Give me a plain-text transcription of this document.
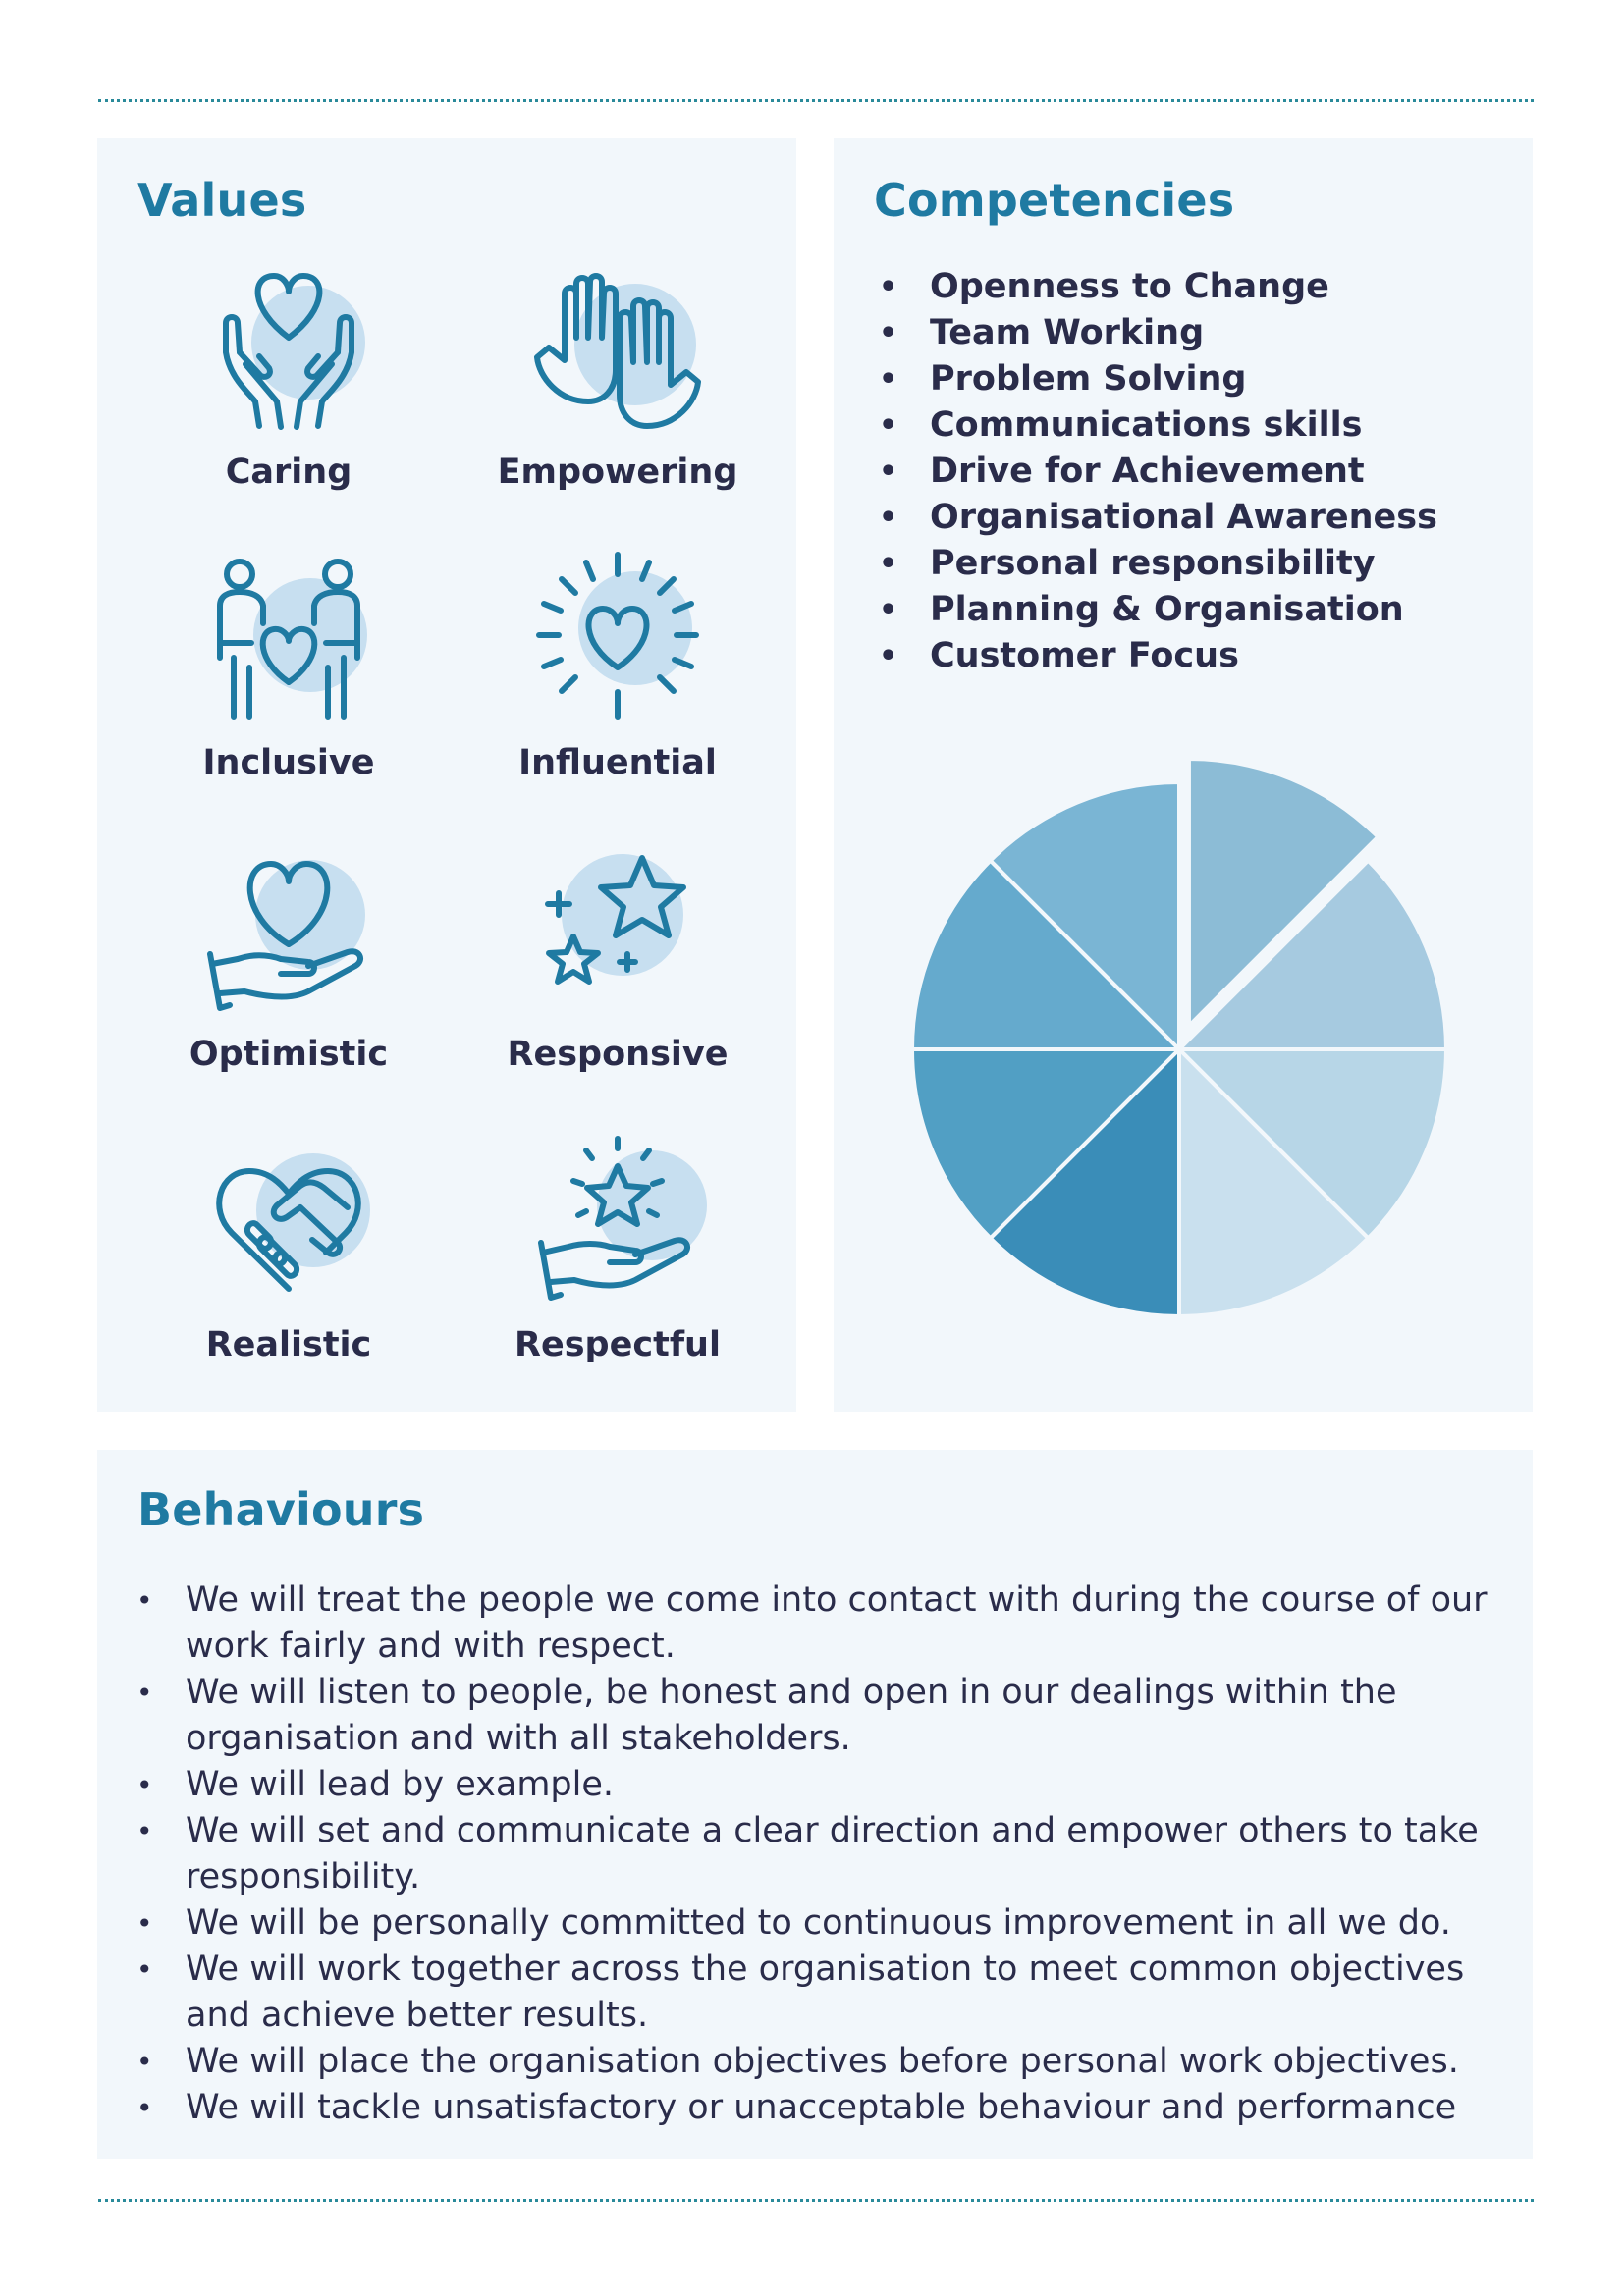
Values
Caring	Empowering
Inclusive	Influential
Optimistic	Responsive
Realistic	Respectful
Competencies
• Openness to Change
• Team Working
• Problem Solving
• Communications skills
• Drive for Achievement
• Organisational Awareness
• Personal responsibility
• Planning & Organisation
• Customer Focus
Behaviours
• We will treat the people we come into contact with during the course of our work fairly and with respect.
• We will listen to people, be honest and open in our dealings within the organisation and with all stakeholders.
• We will lead by example.
• We will set and communicate a clear direction and empower others to take responsibility.
• We will be personally committed to continuous improvement in all we do.
• We will work together across the organisation to meet common objectives and achieve better results.
• We will place the organisation objectives before personal work objectives.
• We will tackle unsatisfactory or unacceptable behaviour and performance
